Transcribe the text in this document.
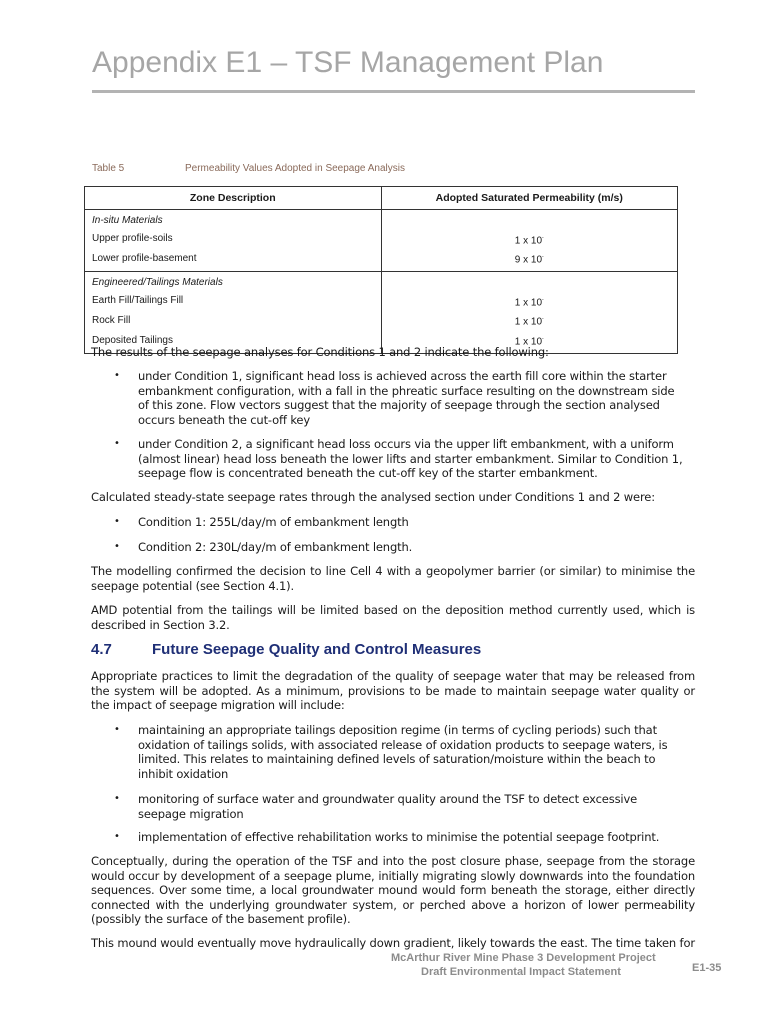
Appendix E1 – TSF Management Plan
Table 5	Permeability Values Adopted in Seepage Analysis
Zone Description	Adopted Saturated Permeability (m/s)
In-situ Materials	
Upper profile-soils	1 x 10-
Lower profile-basement	9 x 10-
Engineered/Tailings Materials	
Earth Fill/Tailings Fill	1 x 10-
Rock Fill	1 x 10-
Deposited Tailings	1 x 10-

The results of the seepage analyses for Conditions 1 and 2 indicate the following:

• under Condition 1, significant head loss is achieved across the earth fill core within the starter embankment configuration, with a fall in the phreatic surface resulting on the downstream side of this zone. Flow vectors suggest that the majority of seepage through the section analysed occurs beneath the cut-off key

• under Condition 2, a significant head loss occurs via the upper lift embankment, with a uniform (almost linear) head loss beneath the lower lifts and starter embankment. Similar to Condition 1, seepage flow is concentrated beneath the cut-off key of the starter embankment.

Calculated steady-state seepage rates through the analysed section under Conditions 1 and 2 were:

• Condition 1: 255L/day/m of embankment length

• Condition 2: 230L/day/m of embankment length.

The modelling confirmed the decision to line Cell 4 with a geopolymer barrier (or similar) to minimise the seepage potential (see Section 4.1).

AMD potential from the tailings will be limited based on the deposition method currently used, which is described in Section 3.2.

4.7	Future Seepage Quality and Control Measures

Appropriate practices to limit the degradation of the quality of seepage water that may be released from the system will be adopted. As a minimum, provisions to be made to maintain seepage water quality or the impact of seepage migration will include:

• maintaining an appropriate tailings deposition regime (in terms of cycling periods) such that oxidation of tailings solids, with associated release of oxidation products to seepage waters, is limited. This relates to maintaining defined levels of saturation/moisture within the beach to inhibit oxidation

• monitoring of surface water and groundwater quality around the TSF to detect excessive seepage migration

• implementation of effective rehabilitation works to minimise the potential seepage footprint.

Conceptually, during the operation of the TSF and into the post closure phase, seepage from the storage would occur by development of a seepage plume, initially migrating slowly downwards into the foundation sequences. Over some time, a local groundwater mound would form beneath the storage, either directly connected with the underlying groundwater system, or perched above a horizon of lower permeability (possibly the surface of the basement profile).

This mound would eventually move hydraulically down gradient, likely towards the east. The time taken for

McArthur River Mine Phase 3 Development Project
Draft Environmental Impact Statement	E1-35
